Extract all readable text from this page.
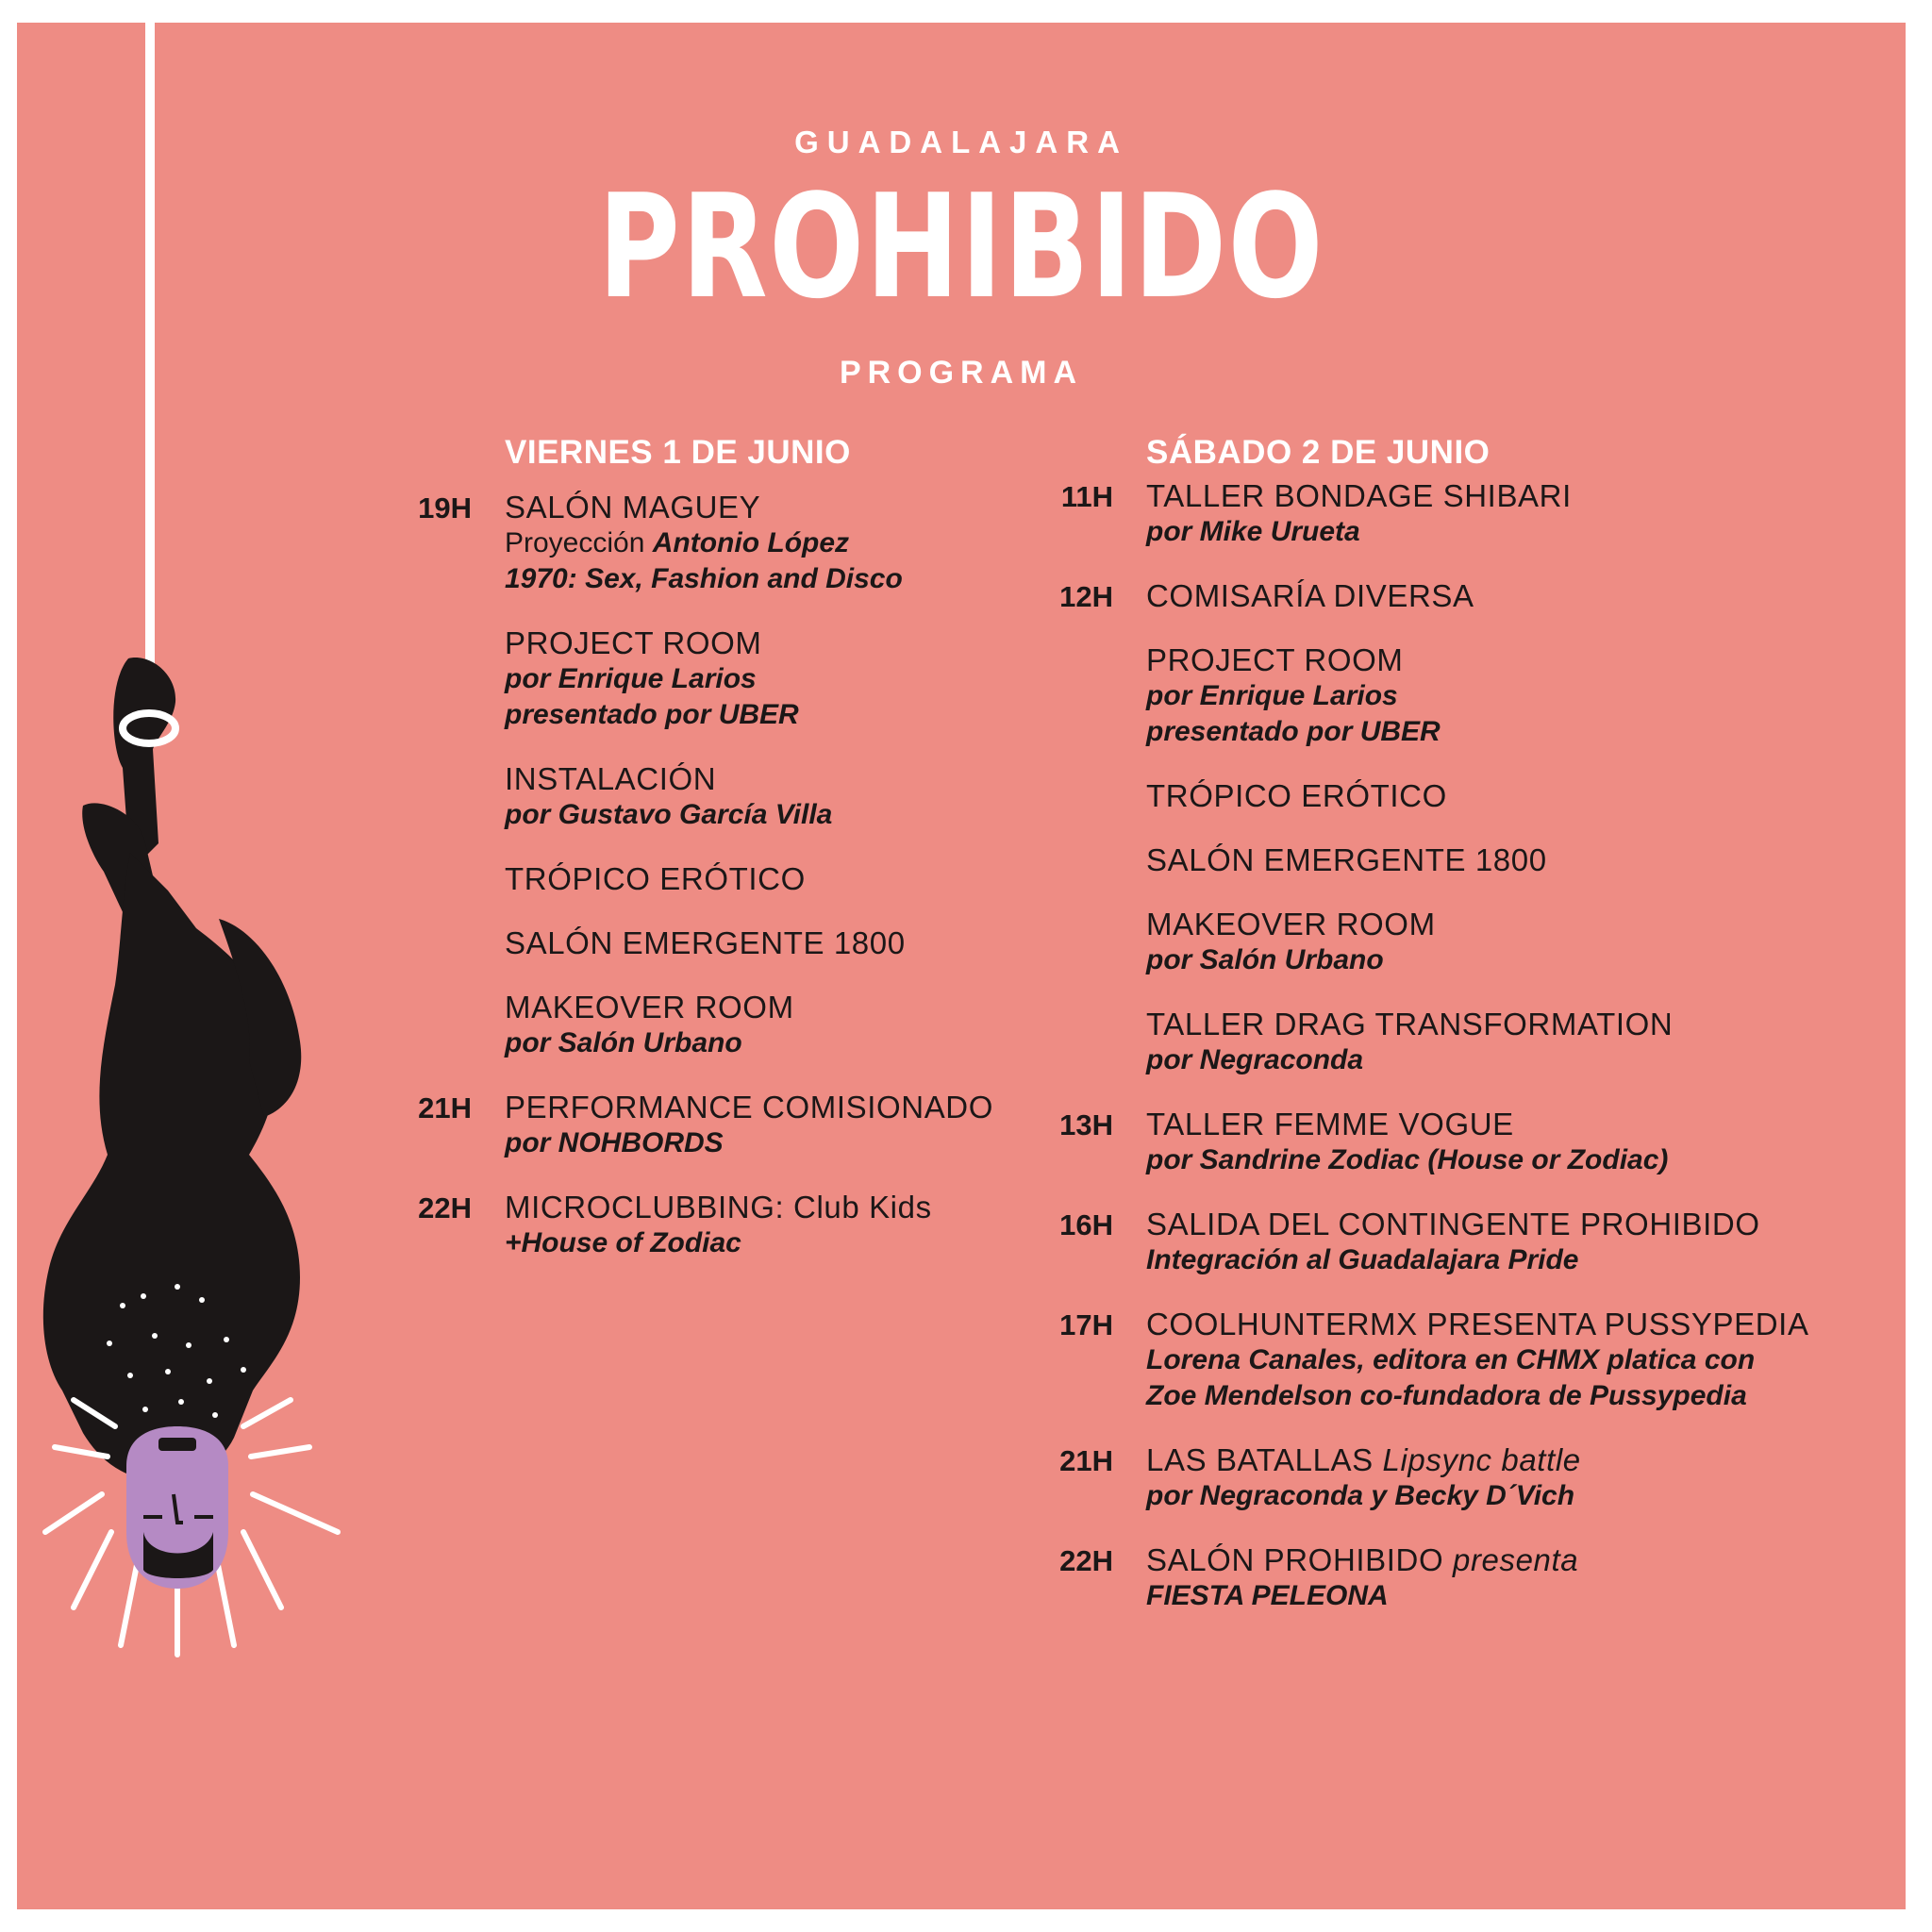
GUADALAJARA
PROHIBIDO
PROGRAMA
VIERNES 1 DE JUNIO	SÁBADO 2 DE JUNIO
19H SALÓN MAGUEY
Proyección Antonio López
1970: Sex, Fashion and Disco
PROJECT ROOM
por Enrique Larios
presentado por UBER
INSTALACIÓN
por Gustavo García Villa
TRÓPICO ERÓTICO
SALÓN EMERGENTE 1800
MAKEOVER ROOM
por Salón Urbano
21H PERFORMANCE COMISIONADO
por NOHBORDS
22H MICROCLUBBING: Club Kids
+House of Zodiac
11H TALLER BONDAGE SHIBARI
por Mike Urueta
12H COMISARÍA DIVERSA
PROJECT ROOM
por Enrique Larios
presentado por UBER
TRÓPICO ERÓTICO
SALÓN EMERGENTE 1800
MAKEOVER ROOM
por Salón Urbano
TALLER DRAG TRANSFORMATION
por Negraconda
13H TALLER FEMME VOGUE
por Sandrine Zodiac (House or Zodiac)
16H SALIDA DEL CONTINGENTE PROHIBIDO
Integración al Guadalajara Pride
17H COOLHUNTERMX PRESENTA PUSSYPEDIA
Lorena Canales, editora en CHMX platica con
Zoe Mendelson co-fundadora de Pussypedia
21H LAS BATALLAS Lipsync battle
por Negraconda y Becky D´Vich
22H SALÓN PROHIBIDO presenta
FIESTA PELEONA
